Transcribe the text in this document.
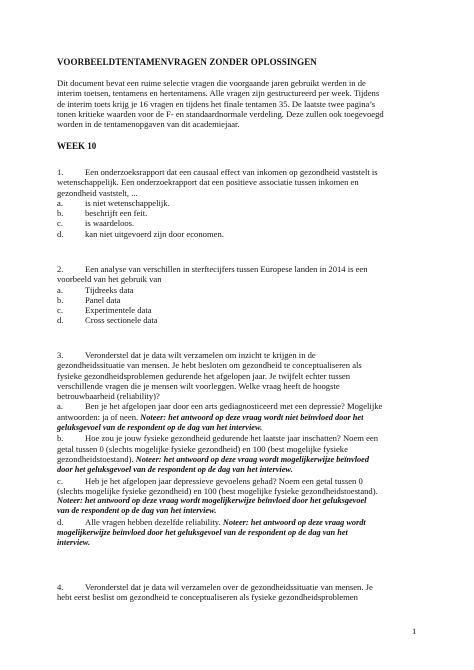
VOORBEELDTENTAMENVRAGEN ZONDER OPLOSSINGEN
Dit document bevat een ruime selectie vragen die voorgaande jaren gebruikt werden in de
interim toetsen, tentamens en hertentamens. Alle vragen zijn gestructureerd per week. Tijdens
de interim toets krijg je 16 vragen en tijdens het finale tentamen 35. De laatste twee pagina’s
tonen kritieke waarden voor de F- en standaardnormale verdeling. Deze zullen ook toegevoegd
worden in de tentamenopgaven van dit academiejaar.
WEEK 10
1.	Een onderzoeksrapport dat een causaal effect van inkomen op gezondheid vaststelt is
wetenschappelijk. Een onderzoekrapport dat een positieve associatie tussen inkomen en
gezondheid vaststelt, ...
a.	is niet wetenschappelijk.
b.	beschrijft een feit.
c.	is waardeloos.
d.	kan niet uitgevoerd zijn door economen.
2.	Een analyse van verschillen in sterftecijfers tussen Europese landen in 2014 is een
voorbeeld van het gebruik van
a.	Tijdreeks data
b.	Panel data
c.	Experimentele data
d.	Cross sectionele data
3.	Veronderstel dat je data wilt verzamelen om inzicht te krijgen in de
gezondheidssituatie van mensen. Je hebt besloten om gezondheid te conceptualiseren als
fysieke gezondheidsproblemen gedurende het afgelopen jaar. Je twijfelt echter tussen
verschillende vragen die je mensen wilt voorleggen. Welke vraag heeft de hoogste
betrouwbaarheid (reliability)?
a.	Ben je het afgelopen jaar door een arts gediagnosticeerd met een depressie? Mogelijke
antwoorden: ja of neen. Noteer: het antwoord op deze vraag wordt niet beïnvloed door het
geluksgevoel van de respondent op de dag van het interview.
b.	Hoe zou je jouw fysieke gezondheid gedurende het laatste jaar inschatten? Noem een
getal tussen 0 (slechts mogelijke fysieke gezondheid) en 100 (best mogelijke fysieke
gezondheidstoestand). Noteer: het antwoord op deze vraag wordt mogelijkerwijze beïnvloed
door het geluksgevoel van de respondent op de dag van het interview.
c.	Heb je het afgelopen jaar depressieve gevoelens gehad? Noem een getal tussen 0
(slechts mogelijke fysieke gezondheid) en 100 (best mogelijke fysieke gezondheidstoestand).
Noteer: het antwoord op deze vraag wordt mogelijkerwijze beïnvloed door het geluksgevoel
van de respondent op de dag van het interview.
d.	Alle vragen hebben dezelfde reliability. Noteer: het antwoord op deze vraag wordt
mogelijkerwijze beïnvloed door het geluksgevoel van de respondent op de dag van het
interview.
4.	Veronderstel dat je data wil verzamelen over de gezondheidssituatie van mensen. Je
hebt eerst beslist om gezondheid te conceptualiseren als fysieke gezondheidsproblemen
1
